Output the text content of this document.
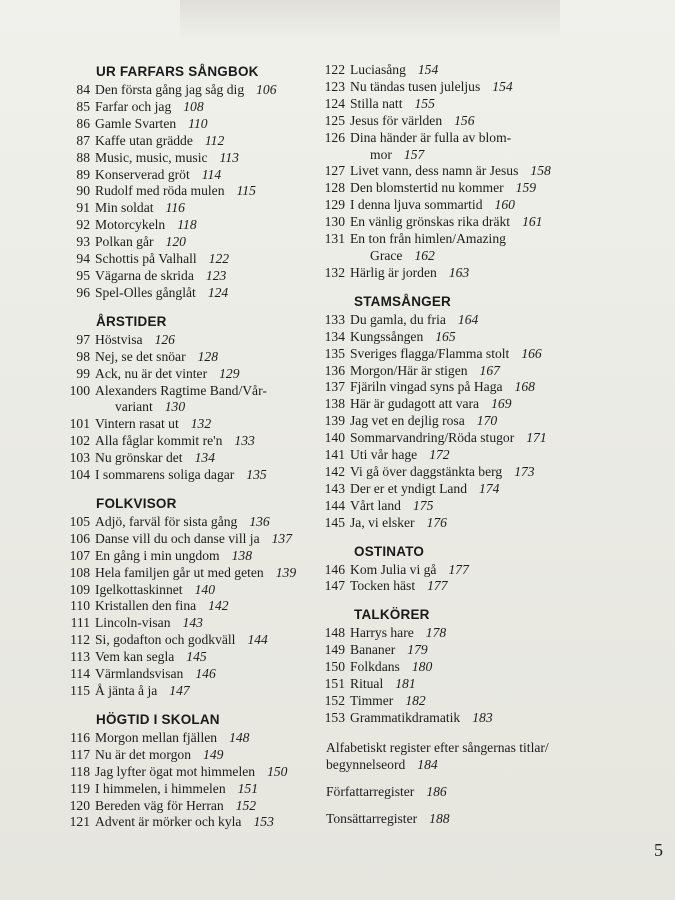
UR FARFARS SÅNGBOK
84 Den första gång jag såg dig 106
85 Farfar och jag 108
86 Gamle Svarten 110
87 Kaffe utan grädde 112
88 Music, music, music 113
89 Konserverad gröt 114
90 Rudolf med röda mulen 115
91 Min soldat 116
92 Motorcykeln 118
93 Polkan går 120
94 Schottis på Valhall 122
95 Vägarna de skrida 123
96 Spel-Olles gånglåt 124
ÅRSTIDER
97 Höstvisa 126
98 Nej, se det snöar 128
99 Ack, nu är det vinter 129
100 Alexanders Ragtime Band/Vår-
variant 130
101 Vintern rasat ut 132
102 Alla fåglar kommit re'n 133
103 Nu grönskar det 134
104 I sommarens soliga dagar 135
FOLKVISOR
105 Adjö, farväl för sista gång 136
106 Danse vill du och danse vill ja 137
107 En gång i min ungdom 138
108 Hela familjen går ut med geten 139
109 Igelkottaskinnet 140
110 Kristallen den fina 142
111 Lincoln-visan 143
112 Si, godafton och godkväll 144
113 Vem kan segla 145
114 Värmlandsvisan 146
115 Å jänta å ja 147
HÖGTID I SKOLAN
116 Morgon mellan fjällen 148
117 Nu är det morgon 149
118 Jag lyfter ögat mot himmelen 150
119 I himmelen, i himmelen 151
120 Bereden väg för Herran 152
121 Advent är mörker och kyla 153
122 Luciasång 154
123 Nu tändas tusen juleljus 154
124 Stilla natt 155
125 Jesus för världen 156
126 Dina händer är fulla av blom-
mor 157
127 Livet vann, dess namn är Jesus 158
128 Den blomstertid nu kommer 159
129 I denna ljuva sommartid 160
130 En vänlig grönskas rika dräkt 161
131 En ton från himlen/Amazing
Grace 162
132 Härlig är jorden 163
STAMSÅNGER
133 Du gamla, du fria 164
134 Kungssången 165
135 Sveriges flagga/Flamma stolt 166
136 Morgon/Här är stigen 167
137 Fjäriln vingad syns på Haga 168
138 Här är gudagott att vara 169
139 Jag vet en dejlig rosa 170
140 Sommarvandring/Röda stugor 171
141 Uti vår hage 172
142 Vi gå över daggstänkta berg 173
143 Der er et yndigt Land 174
144 Vårt land 175
145 Ja, vi elsker 176
OSTINATO
146 Kom Julia vi gå 177
147 Tocken häst 177
TALKÖRER
148 Harrys hare 178
149 Bananer 179
150 Folkdans 180
151 Ritual 181
152 Timmer 182
153 Grammatikdramatik 183
Alfabetiskt register efter sångernas titlar/
begynnelseord 184
Författarregister 186
Tonsättarregister 188
5
